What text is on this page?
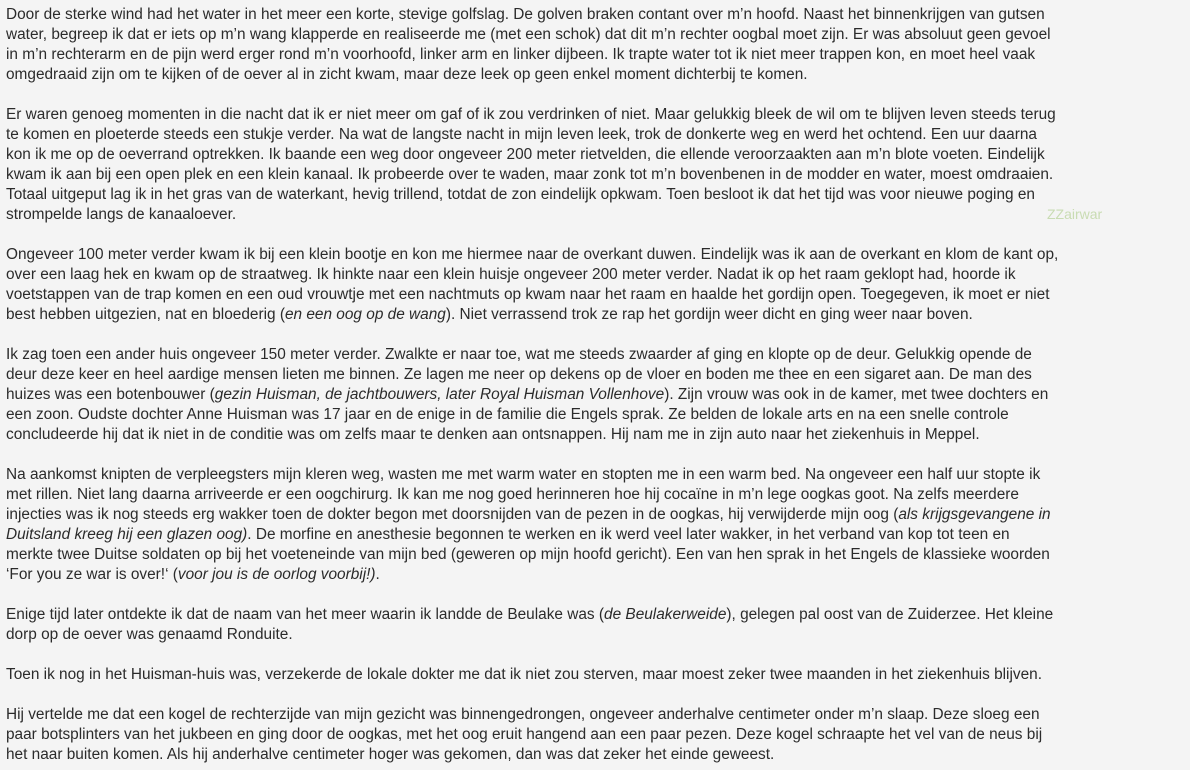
Door de sterke wind had het water in het meer een korte, stevige golfslag. De golven braken contant over m’n hoofd. Naast het binnenkrijgen van gutsen
water, begreep ik dat er iets op m’n wang klapperde en realiseerde me (met een schok) dat dit m’n rechter oogbal moet zijn. Er was absoluut geen gevoel
in m’n rechterarm en de pijn werd erger rond m’n voorhoofd, linker arm en linker dijbeen. Ik trapte water tot ik niet meer trappen kon, en moet heel vaak
omgedraaid zijn om te kijken of de oever al in zicht kwam, maar deze leek op geen enkel moment dichterbij te komen.

Er waren genoeg momenten in die nacht dat ik er niet meer om gaf of ik zou verdrinken of niet. Maar gelukkig bleek de wil om te blijven leven steeds terug
te komen en ploeterde steeds een stukje verder. Na wat de langste nacht in mijn leven leek, trok de donkerte weg en werd het ochtend. Een uur daarna
kon ik me op de oeverrand optrekken. Ik baande een weg door ongeveer 200 meter rietvelden, die ellende veroorzaakten aan m’n blote voeten. Eindelijk
kwam ik aan bij een open plek en een klein kanaal. Ik probeerde over te waden, maar zonk tot m’n bovenbenen in de modder en water, moest omdraaien.
Totaal uitgeput lag ik in het gras van de waterkant, hevig trillend, totdat de zon eindelijk opkwam. Toen besloot ik dat het tijd was voor nieuwe poging en
strompelde langs de kanaaloever.

Ongeveer 100 meter verder kwam ik bij een klein bootje en kon me hiermee naar de overkant duwen. Eindelijk was ik aan de overkant en klom de kant op,
over een laag hek en kwam op de straatweg. Ik hinkte naar een klein huisje ongeveer 200 meter verder. Nadat ik op het raam geklopt had, hoorde ik
voetstappen van de trap komen en een oud vrouwtje met een nachtmuts op kwam naar het raam en haalde het gordijn open. Toegegeven, ik moet er niet
best hebben uitgezien, nat en bloederig (en een oog op de wang). Niet verrassend trok ze rap het gordijn weer dicht en ging weer naar boven.

Ik zag toen een ander huis ongeveer 150 meter verder. Zwalkte er naar toe, wat me steeds zwaarder af ging en klopte op de deur. Gelukkig opende de
deur deze keer en heel aardige mensen lieten me binnen. Ze lagen me neer op dekens op de vloer en boden me thee en een sigaret aan. De man des
huizes was een botenbouwer (gezin Huisman, de jachtbouwers, later Royal Huisman Vollenhove). Zijn vrouw was ook in de kamer, met twee dochters en
een zoon. Oudste dochter Anne Huisman was 17 jaar en de enige in de familie die Engels sprak. Ze belden de lokale arts en na een snelle controle
concludeerde hij dat ik niet in de conditie was om zelfs maar te denken aan ontsnappen. Hij nam me in zijn auto naar het ziekenhuis in Meppel.

Na aankomst knipten de verpleegsters mijn kleren weg, wasten me met warm water en stopten me in een warm bed. Na ongeveer een half uur stopte ik
met rillen. Niet lang daarna arriveerde er een oogchirurg. Ik kan me nog goed herinneren hoe hij cocaïne in m’n lege oogkas goot. Na zelfs meerdere
injecties was ik nog steeds erg wakker toen de dokter begon met doorsnijden van de pezen in de oogkas, hij verwijderde mijn oog (als krijgsgevangene in
Duitsland kreeg hij een glazen oog). De morfine en anesthesie begonnen te werken en ik werd veel later wakker, in het verband van kop tot teen en
merkte twee Duitse soldaten op bij het voeteneinde van mijn bed (geweren op mijn hoofd gericht). Een van hen sprak in het Engels de klassieke woorden
‘For you ze war is over!‘ (voor jou is de oorlog voorbij!).

Enige tijd later ontdekte ik dat de naam van het meer waarin ik landde de Beulake was (de Beulakerweide), gelegen pal oost van de Zuiderzee. Het kleine
dorp op de oever was genaamd Ronduite.

Toen ik nog in het Huisman-huis was, verzekerde de lokale dokter me dat ik niet zou sterven, maar moest zeker twee maanden in het ziekenhuis blijven.

Hij vertelde me dat een kogel de rechterzijde van mijn gezicht was binnengedrongen, ongeveer anderhalve centimeter onder m’n slaap. Deze sloeg een
paar botsplinters van het jukbeen en ging door de oogkas, met het oog eruit hangend aan een paar pezen. Deze kogel schraapte het vel van de neus bij
het naar buiten komen. Als hij anderhalve centimeter hoger was gekomen, dan was dat zeker het einde geweest.

ZZairwar
